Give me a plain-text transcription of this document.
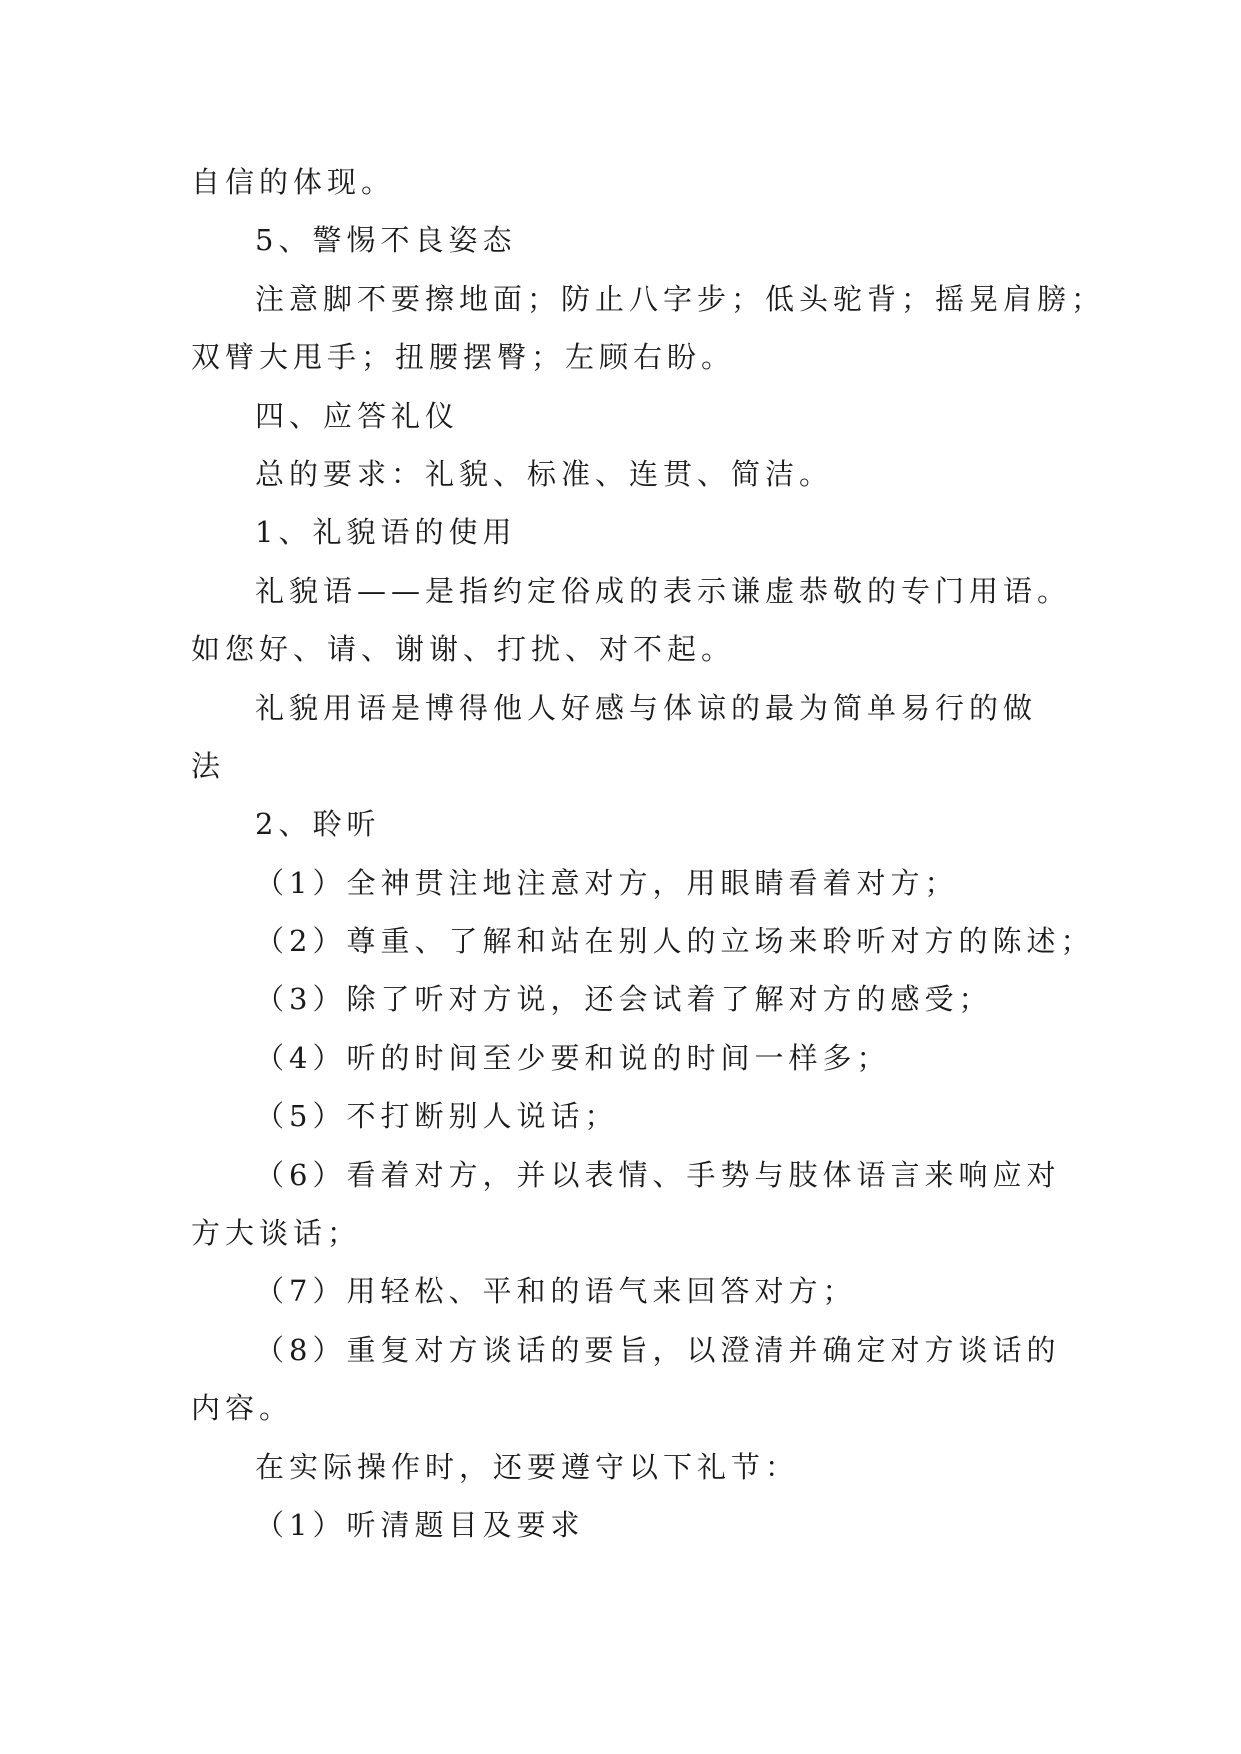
自信的体现。
5、警惕不良姿态
注意脚不要擦地面；防止八字步；低头驼背；摇晃肩膀；
双臂大甩手；扭腰摆臀；左顾右盼。
四、应答礼仪
总的要求：礼貌、标准、连贯、简洁。
1、礼貌语的使用
礼貌语——是指约定俗成的表示谦虚恭敬的专门用语。
如您好、请、谢谢、打扰、对不起。
礼貌用语是博得他人好感与体谅的最为简单易行的做
法
2、聆听
（1）全神贯注地注意对方，用眼睛看着对方；
（2）尊重、了解和站在别人的立场来聆听对方的陈述；
（3）除了听对方说，还会试着了解对方的感受；
（4）听的时间至少要和说的时间一样多；
（5）不打断别人说话；
（6）看着对方，并以表情、手势与肢体语言来响应对
方大谈话；
（7）用轻松、平和的语气来回答对方；
（8）重复对方谈话的要旨，以澄清并确定对方谈话的
内容。
在实际操作时，还要遵守以下礼节：
（1）听清题目及要求
